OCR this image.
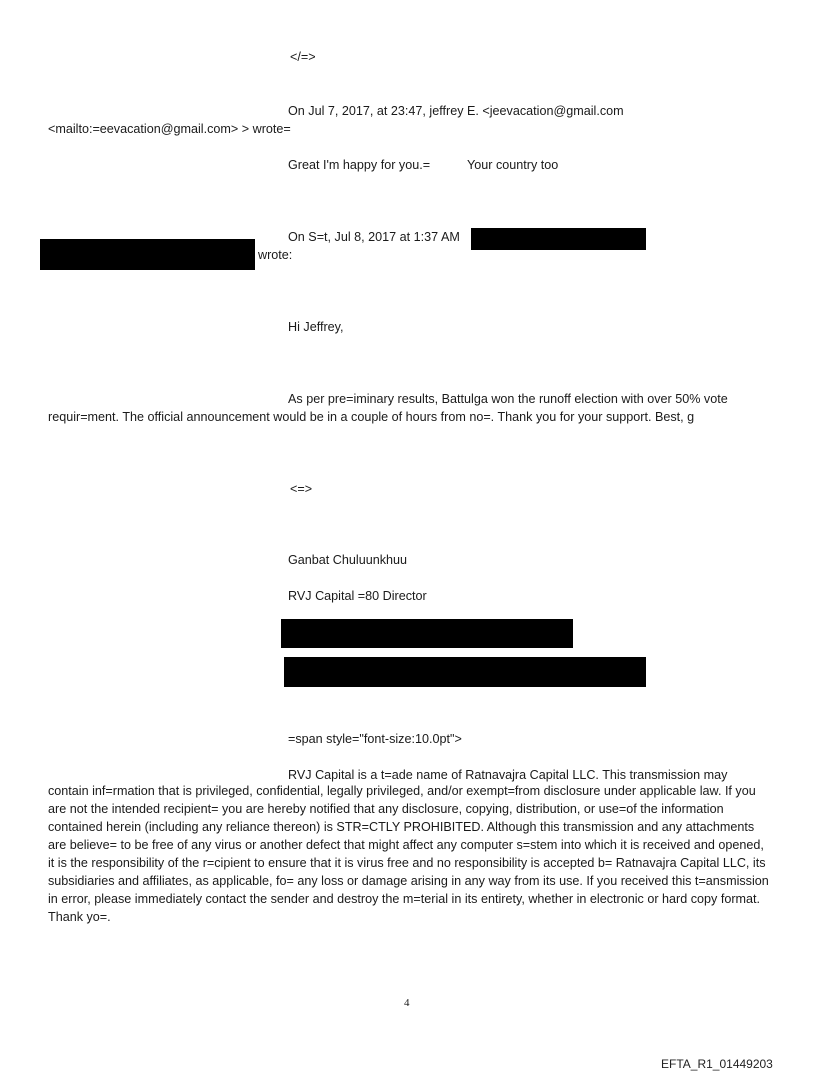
</=>
On Jul 7, 2017, at 23:47, jeffrey E. <jeevacation@gmail.com
<mailto:=eevacation@gmail.com> > wrote=
Great I'm happy for you.=	Your country too
On S=t, Jul 8, 2017 at 1:37 AM
wrote:
Hi Jeffrey,
As per pre=iminary results, Battulga won the runoff election with over 50% vote
requir=ment. The official announcement would be in a couple of hours from no=. Thank you for your support. Best, g
<=>
Ganbat Chuluunkhuu
RVJ Capital =80 Director
=span style="font-size:10.0pt">
RVJ Capital is a t=ade name of Ratnavajra Capital LLC. This transmission may
contain inf=rmation that is privileged, confidential, legally privileged, and/or exempt=from disclosure under applicable law. If you are not the intended recipient= you are hereby notified that any disclosure, copying, distribution, or use=of the information contained herein (including any reliance thereon) is STR=CTLY PROHIBITED. Although this transmission and any attachments are believe= to be free of any virus or another defect that might affect any computer s=stem into which it is received and opened, it is the responsibility of the r=cipient to ensure that it is virus free and no responsibility is accepted b= Ratnavajra Capital LLC, its subsidiaries and affiliates, as applicable, fo= any loss or damage arising in any way from its use. If you received this t=ansmission in error, please immediately contact the sender and destroy the m=terial in its entirety, whether in electronic or hard copy format. Thank yo=.
4
EFTA_R1_01449203
